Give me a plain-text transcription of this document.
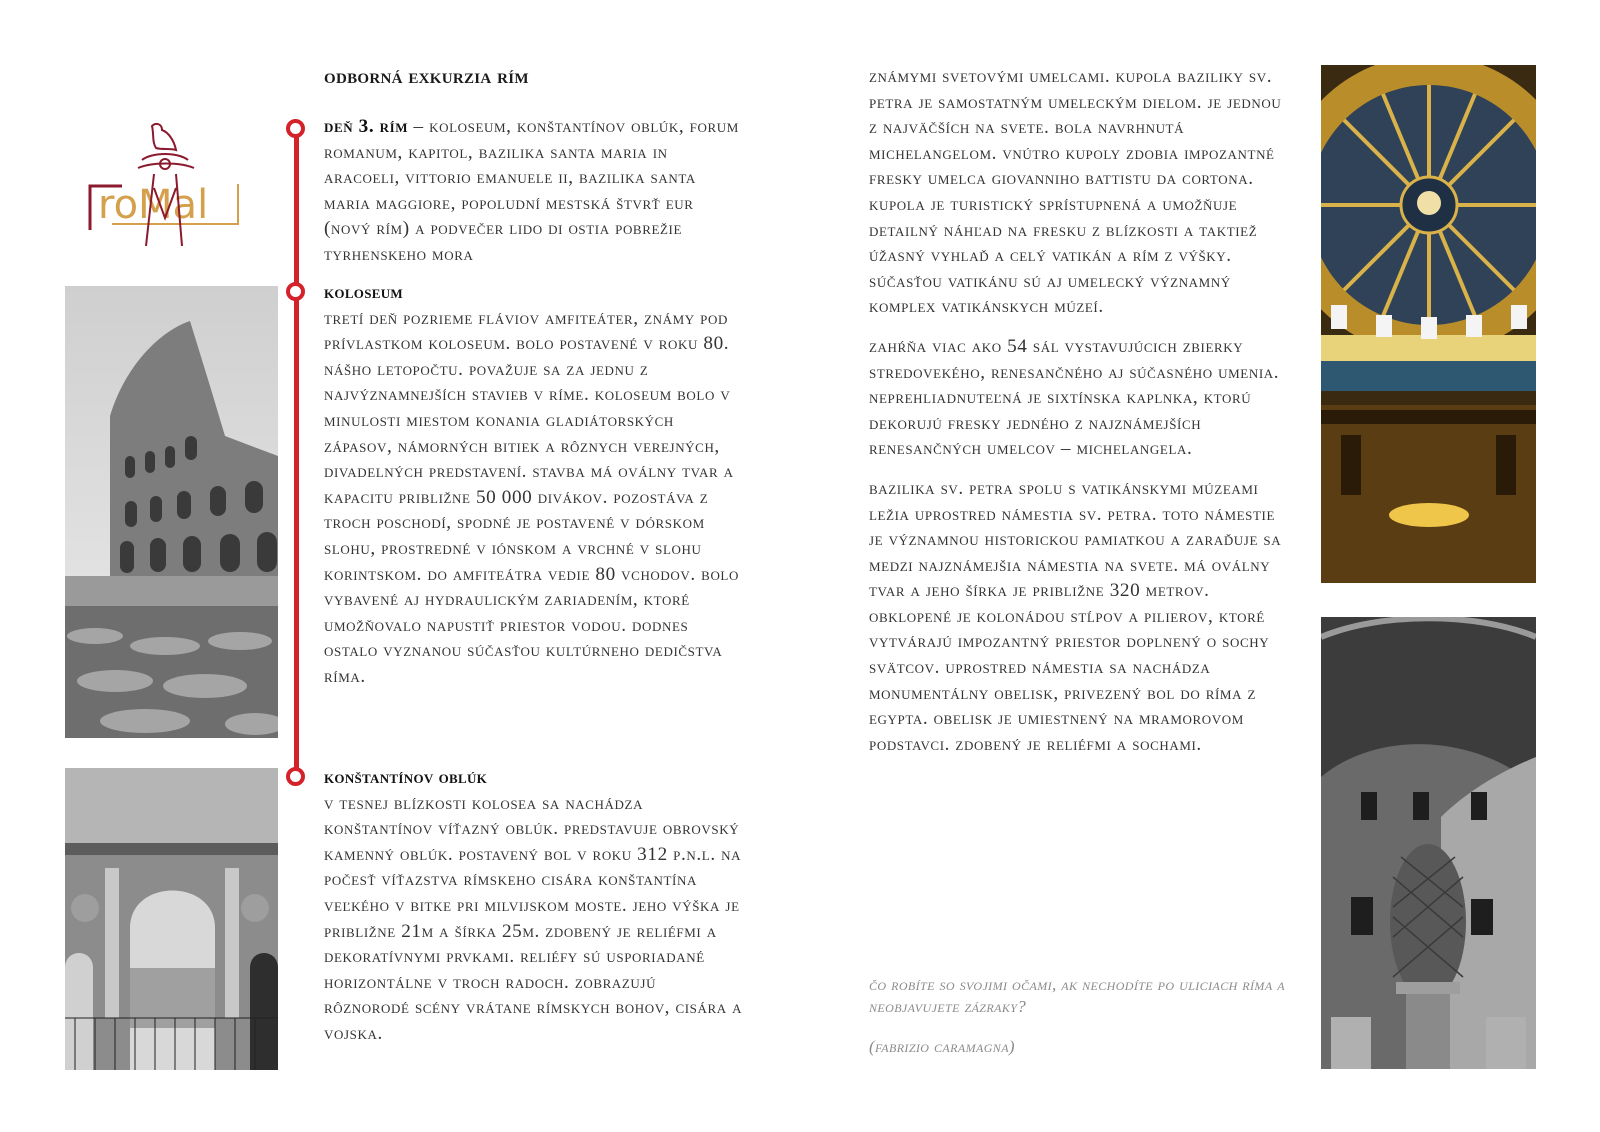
roMal
odborná exkurzia rím
deň 3. rím – koloseum, konštantínov oblúk, forum romanum, kapitol, bazilika santa maria in aracoeli, vittorio emanuele ii, bazilika santa maria maggiore, popoludní mestská štvrť eur (nový rím) a podvečer lido di ostia pobrežie tyrhenskeho mora
koloseum
tretí deň pozrieme fláviov amfiteáter, známy pod prívlastkom koloseum. bolo postavené v roku 80. nášho letopočtu. považuje sa za jednu z najvýznamnejších stavieb v ríme. koloseum bolo v minulosti miestom konania gladiátorských zápasov, námorných bitiek a rôznych verejných, divadelných predstavení. stavba má oválny tvar a kapacitu približne 50 000 divákov. pozostáva z troch poschodí, spodné je postavené v dórskom slohu, prostredné v iónskom a vrchné v slohu korintskom. do amfiteátra vedie 80 vchodov. bolo vybavené aj hydraulickým zariadením, ktoré umožňovalo napustiť priestor vodou. dodnes ostalo vyznanou súčasťou kultúrneho dedičstva ríma.
konštantínov oblúk
v tesnej blízkosti kolosea sa nachádza konštantínov víťazný oblúk. predstavuje obrovský kamenný oblúk. postavený bol v roku 312 p.n.l. na počesť víťazstva rímskeho cisára konštantína veľkého v bitke pri milvijskom moste. jeho výška je približne 21m a šírka 25m. zdobený je reliéfmi a dekoratívnymi prvkami. reliéfy sú usporiadané horizontálne v troch radoch. zobrazujú rôznorodé scény vrátane rímskych bohov, cisára a vojska.
známymi svetovými umelcami. kupola baziliky sv. petra je samostatným umeleckým dielom. je jednou z najväčších na svete. bola navrhnutá michelangelom. vnútro kupoly zdobia impozantné fresky umelca giovanniho battistu da cortona. kupola je turistický sprístupnená a umožňuje detailný náhľad na fresku z blízkosti a taktiež úžasný vyhlaď a celý vatikán a rím z výšky. súčasťou vatikánu sú aj umelecký významný komplex vatikánskych múzeí.
zahŕňa viac ako 54 sál vystavujúcich zbierky stredovekého, renesančného aj súčasného umenia. neprehliadnuteľná je sixtínska kaplnka, ktorú dekorujú fresky jedného z najznámejších renesančných umelcov – michelangela.
bazilika sv. petra spolu s vatikánskymi múzeami ležia uprostred námestia sv. petra. toto námestie je významnou historickou pamiatkou a zaraďuje sa medzi najznámejšia námestia na svete. má oválny tvar a jeho šírka je približne 320 metrov. obklopené je kolonádou stĺpov a pilierov, ktoré vytvárajú impozantný priestor doplnený o sochy svätcov. uprostred námestia sa nachádza monumentálny obelisk, privezený bol do ríma z egypta. obelisk je umiestnený na mramorovom podstavci. zdobený je reliéfmi a sochami.
čo robíte so svojimi očami, ak nechodíte po uliciach ríma a neobjavujete zázraky?
(fabrizio caramagna)
